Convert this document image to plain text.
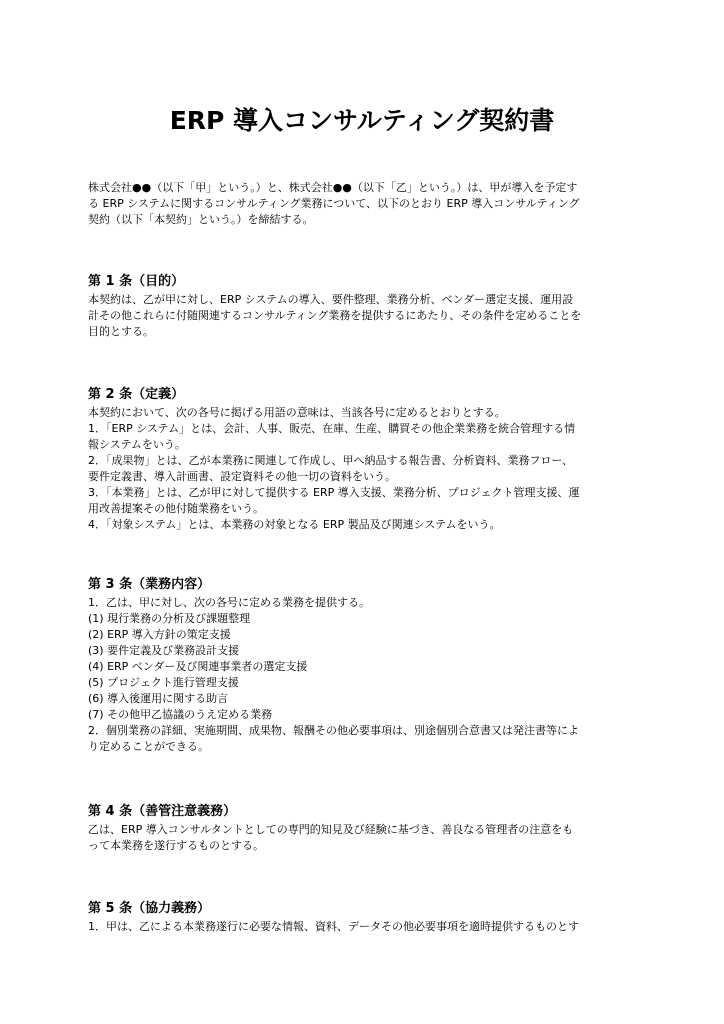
ERP 導入コンサルティング契約書
株式会社●●（以下「甲」という。）と、株式会社●●（以下「乙」という。）は、甲が導入を予定す
る ERP システムに関するコンサルティング業務について、以下のとおり ERP 導入コンサルティング
契約（以下「本契約」という。）を締結する。
第 1 条（目的）
本契約は、乙が甲に対し、ERP システムの導入、要件整理、業務分析、ベンダー選定支援、運用設
計その他これらに付随関連するコンサルティング業務を提供するにあたり、その条件を定めることを
目的とする。
第 2 条（定義）
本契約において、次の各号に掲げる用語の意味は、当該各号に定めるとおりとする。
1．「ERP システム」とは、会計、人事、販売、在庫、生産、購買その他企業業務を統合管理する情
報システムをいう。
2．「成果物」とは、乙が本業務に関連して作成し、甲へ納品する報告書、分析資料、業務フロー、
要件定義書、導入計画書、設定資料その他一切の資料をいう。
3．「本業務」とは、乙が甲に対して提供する ERP 導入支援、業務分析、プロジェクト管理支援、運
用改善提案その他付随業務をいう。
4．「対象システム」とは、本業務の対象となる ERP 製品及び関連システムをいう。
第 3 条（業務内容）
1．乙は、甲に対し、次の各号に定める業務を提供する。
(1) 現行業務の分析及び課題整理
(2) ERP 導入方針の策定支援
(3) 要件定義及び業務設計支援
(4) ERP ベンダー及び関連事業者の選定支援
(5) プロジェクト進行管理支援
(6) 導入後運用に関する助言
(7) その他甲乙協議のうえ定める業務
2．個別業務の詳細、実施期間、成果物、報酬その他必要事項は、別途個別合意書又は発注書等によ
り定めることができる。
第 4 条（善管注意義務）
乙は、ERP 導入コンサルタントとしての専門的知見及び経験に基づき、善良なる管理者の注意をも
って本業務を遂行するものとする。
第 5 条（協力義務）
1．甲は、乙による本業務遂行に必要な情報、資料、データその他必要事項を適時提供するものとす
